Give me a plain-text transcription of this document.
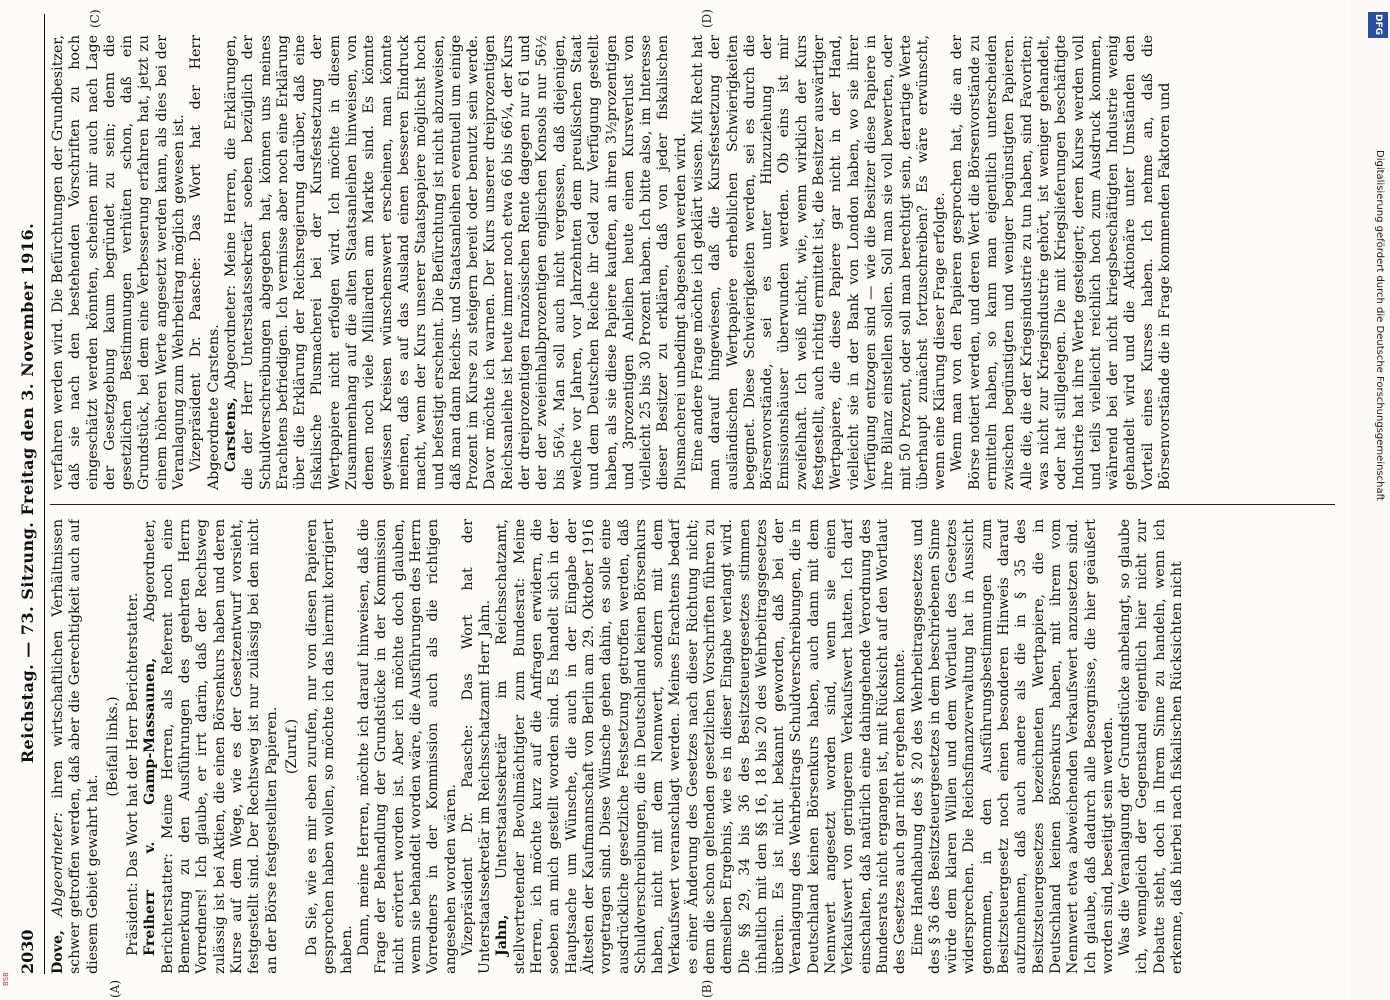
2030
Reichstag. — 73. Sitzung. Freitag den 3. November 1916.

Dove, Abgeordneter: ihren wirtschaftlichen Verhältnissen schwer getroffen werden, daß aber die Gerechtigkeit auch auf diesem Gebiet gewahrt hat.

(Beifall links.) Präsident: Das Wort hat der Herr Berichterstatter. Freiherr v. Gamp-Massaunen, Abgeordneter, Berichterstatter: Meine Herren, als Referent noch eine Bemerkung zu den Ausführungen des geehrten Herrn Vorredners! Ich glaube, er irrt darin, daß der Rechtsweg zulässig ist bei Aktien, die einen Börsenkurs haben und deren Kurse auf dem Wege, wie es der Gesetzentwurf vorsieht, festgestellt sind. Der Rechtsweg ist nur zulässig bei den nicht an der Börse festgestellten Papieren. (Zuruf.) Da Sie, wie es mir eben zurufen, nur von diesen Papieren gesprochen haben wollen, so möchte ich das hiermit korrigiert haben. Dann, meine Herren, möchte ich darauf hinweisen, daß die Frage der Behandlung der Grundstücke in der Kommission nicht erörtert worden ist. Aber ich möchte doch glauben, wenn sie behandelt worden wäre, die Ausführungen des Herrn Vorredners in der Kommission auch als die richtigen angesehen worden wären. Vizepräsident Dr. Paasche: Das Wort hat der Unterstaatssekretär im Reichsschatzamt Herr Jahn. Jahn, Unterstaatssekretär im Reichsschatzamt, stellvertretender Bevollmächtigter zum Bundesrat: Meine Herren, ich möchte kurz auf die Anfragen erwidern, die soeben an mich gestellt worden sind. Es handelt sich in der Hauptsache um Wünsche, die auch in der Eingabe der Ältesten der Kaufmannschaft von Berlin am 29. Oktober 1916 vorgetragen sind. Diese Wünsche gehen dahin, es solle eine ausdrückliche gesetzliche Festsetzung getroffen werden, daß Schuldverschreibungen, die in Deutschland keinen Börsenkurs haben, nicht mit dem Nennwert, sondern mit dem Verkaufswert veranschlagt werden. Meines Erachtens bedarf es einer Änderung des Gesetzes nach dieser Richtung nicht; denn die schon geltenden gesetzlichen Vorschriften führen zu demselben Ergebnis, wie es in dieser Eingabe verlangt wird. Die §§ 29, 34 bis 36 des Besitzsteuergesetzes stimmen inhaltlich mit den §§ 16, 18 bis 20 des Wehrbeitragsgesetzes überein. Es ist nicht bekannt geworden, daß bei der Veranlagung des Wehrbeitrags Schuldverschreibungen, die in Deutschland keinen Börsenkurs haben, auch dann mit dem Nennwert angesetzt worden sind, wenn sie einen Verkaufswert von geringerem Verkaufswert hatten. Ich darf einschalten, daß natürlich eine dahingehende Verordnung des Bundesrats nicht ergangen ist, mit Rücksicht auf den Wortlaut des Gesetzes auch gar nicht ergehen konnte. Eine Handhabung des § 20 des Wehrbeitragsgesetzes und des § 36 des Besitzsteuergesetzes in dem beschriebenen Sinne würde dem klaren Willen und dem Wortlaut des Gesetzes widersprechen. Die Reichsfinanzverwaltung hat in Aussicht genommen, in den Ausführungsbestimmungen zum Besitzsteuergesetz noch einen besonderen Hinweis darauf aufzunehmen, daß auch andere als die in § 35 des Besitzsteuergesetzes bezeichneten Wertpapiere, die in Deutschland keinen Börsenkurs haben, mit ihrem vom Nennwert etwa abweichenden Verkaufswert anzusetzen sind. Ich glaube, daß dadurch alle Besorgnisse, die hier geäußert worden sind, beseitigt sein werden. Was die Veranlagung der Grundstücke anbelangt, so glaube ich, wenngleich der Gegenstand eigentlich hier nicht zur Debatte steht, doch in Ihrem Sinne zu handeln, wenn ich erkenne, daß hierbei nach fiskalischen Rücksichten nicht

verfahren werden wird. Die Befürchtungen der Grundbesitzer, daß sie nach den bestehenden Vorschriften zu hoch eingeschätzt werden könnten, scheinen mir auch nach Lage der Gesetzgebung kaum begründet zu sein; denn die gesetzlichen Bestimmungen verhüten schon, daß ein Grundstück, bei dem eine Verbesserung erfahren hat, jetzt zu einem höheren Werte angesetzt werden kann, als dies bei der Veranlagung zum Wehrbeitrag möglich gewesen ist. Vizepräsident Dr. Paasche: Das Wort hat der Herr Abgeordnete Carstens. Carstens, Abgeordneter: Meine Herren, die Erklärungen, die der Herr Unterstaatssekretär soeben bezüglich der Schuldverschreibungen abgegeben hat, können uns meines Erachtens befriedigen. Ich vermisse aber noch eine Erklärung über die Erklärung der Reichsregierung darüber, daß eine fiskalische Plusmacherei bei der Kursfestsetzung der Wertpapiere nicht erfolgen wird. Ich möchte in diesem Zusammenhang auf die alten Staatsanleihen hinweisen, von denen noch viele Milliarden am Markte sind. Es könnte gewissen Kreisen wünschenswert erscheinen, man könnte meinen, daß es auf das Ausland einen besseren Eindruck macht, wenn der Kurs unserer Staatspapiere möglichst hoch und befestigt erscheint. Die Befürchtung ist nicht abzuweisen, daß man dann Reichs- und Staatsanleihen eventuell um einige Prozent im Kurse zu steigern bereit oder benutzt sein werde. Davor möchte ich warnen. Der Kurs unserer dreiprozentigen Reichsanleihe ist heute immer noch etwa 66 bis 66¼, der Kurs der dreiprozentigen französischen Rente dagegen nur 61 und der der zweieinhalbprozentigen englischen Konsols nur 56½ bis 56¼. Man soll auch nicht vergessen, daß diejenigen, welche vor Jahren, vor Jahrzehnten dem preußischen Staat und dem Deutschen Reiche ihr Geld zur Verfügung gestellt haben, als sie diese Papiere kauften, an ihren 3½prozentigen und 3prozentigen Anleihen heute einen Kursverlust von vielleicht 25 bis 30 Prozent haben. Ich bitte also, im Interesse dieser Besitzer zu erklären, daß von jeder fiskalischen Plusmacherei unbedingt abgesehen werden wird. Eine andere Frage möchte ich geklärt wissen. Mit Recht hat man darauf hingewiesen, daß die Kursfestsetzung der ausländischen Wertpapiere erheblichen Schwierigkeiten begegnet. Diese Schwierigkeiten werden, sei es durch die Börsenvorstände, sei es unter Hinzuziehung der Emissionshäuser überwunden werden. Ob eins ist mir zweifelhaft. Ich weiß nicht, wie, wenn wirklich der Kurs festgestellt, auch richtig ermittelt ist, die Besitzer auswärtiger Wertpapiere, die diese Papiere gar nicht in der Hand, vielleicht sie in der Bank von London haben, wo sie ihrer Verfügung entzogen sind — wie die Besitzer diese Papiere in ihre Bilanz einstellen sollen. Soll man sie voll bewerten, oder mit 50 Prozent, oder soll man berechtigt sein, derartige Werte überhaupt zunächst fortzuschreiben? Es wäre erwünscht, wenn eine Klärung dieser Frage erfolgte. Wenn man von den Papieren gesprochen hat, die an der Börse notiert werden, und deren Wert die Börsenvorstände zu ermitteln haben, so kann man eigentlich unterscheiden zwischen begünstigten und weniger begünstigten Papieren. Alle die, die der Kriegsindustrie zu tun haben, sind Favoriten; was nicht zur Kriegsindustrie gehört, ist weniger gehandelt, oder hat stillgelegen. Die mit Kriegslieferungen beschäftigte Industrie hat ihre Werte gesteigert; deren Kurse werden voll und teils vielleicht reichlich hoch zum Ausdruck kommen, während bei der nicht kriegsbeschäftigten Industrie wenig gehandelt wird und die Aktionäre unter Umständen den Vorteil eines Kurses haben. Ich nehme an, daß die Börsenvorstände die in Frage kommenden Faktoren und

(A)	(B)
(C)	(D)	DFG
Digitalisierung gefördert durch die Deutsche Forschungsgemeinschaft
BSB
